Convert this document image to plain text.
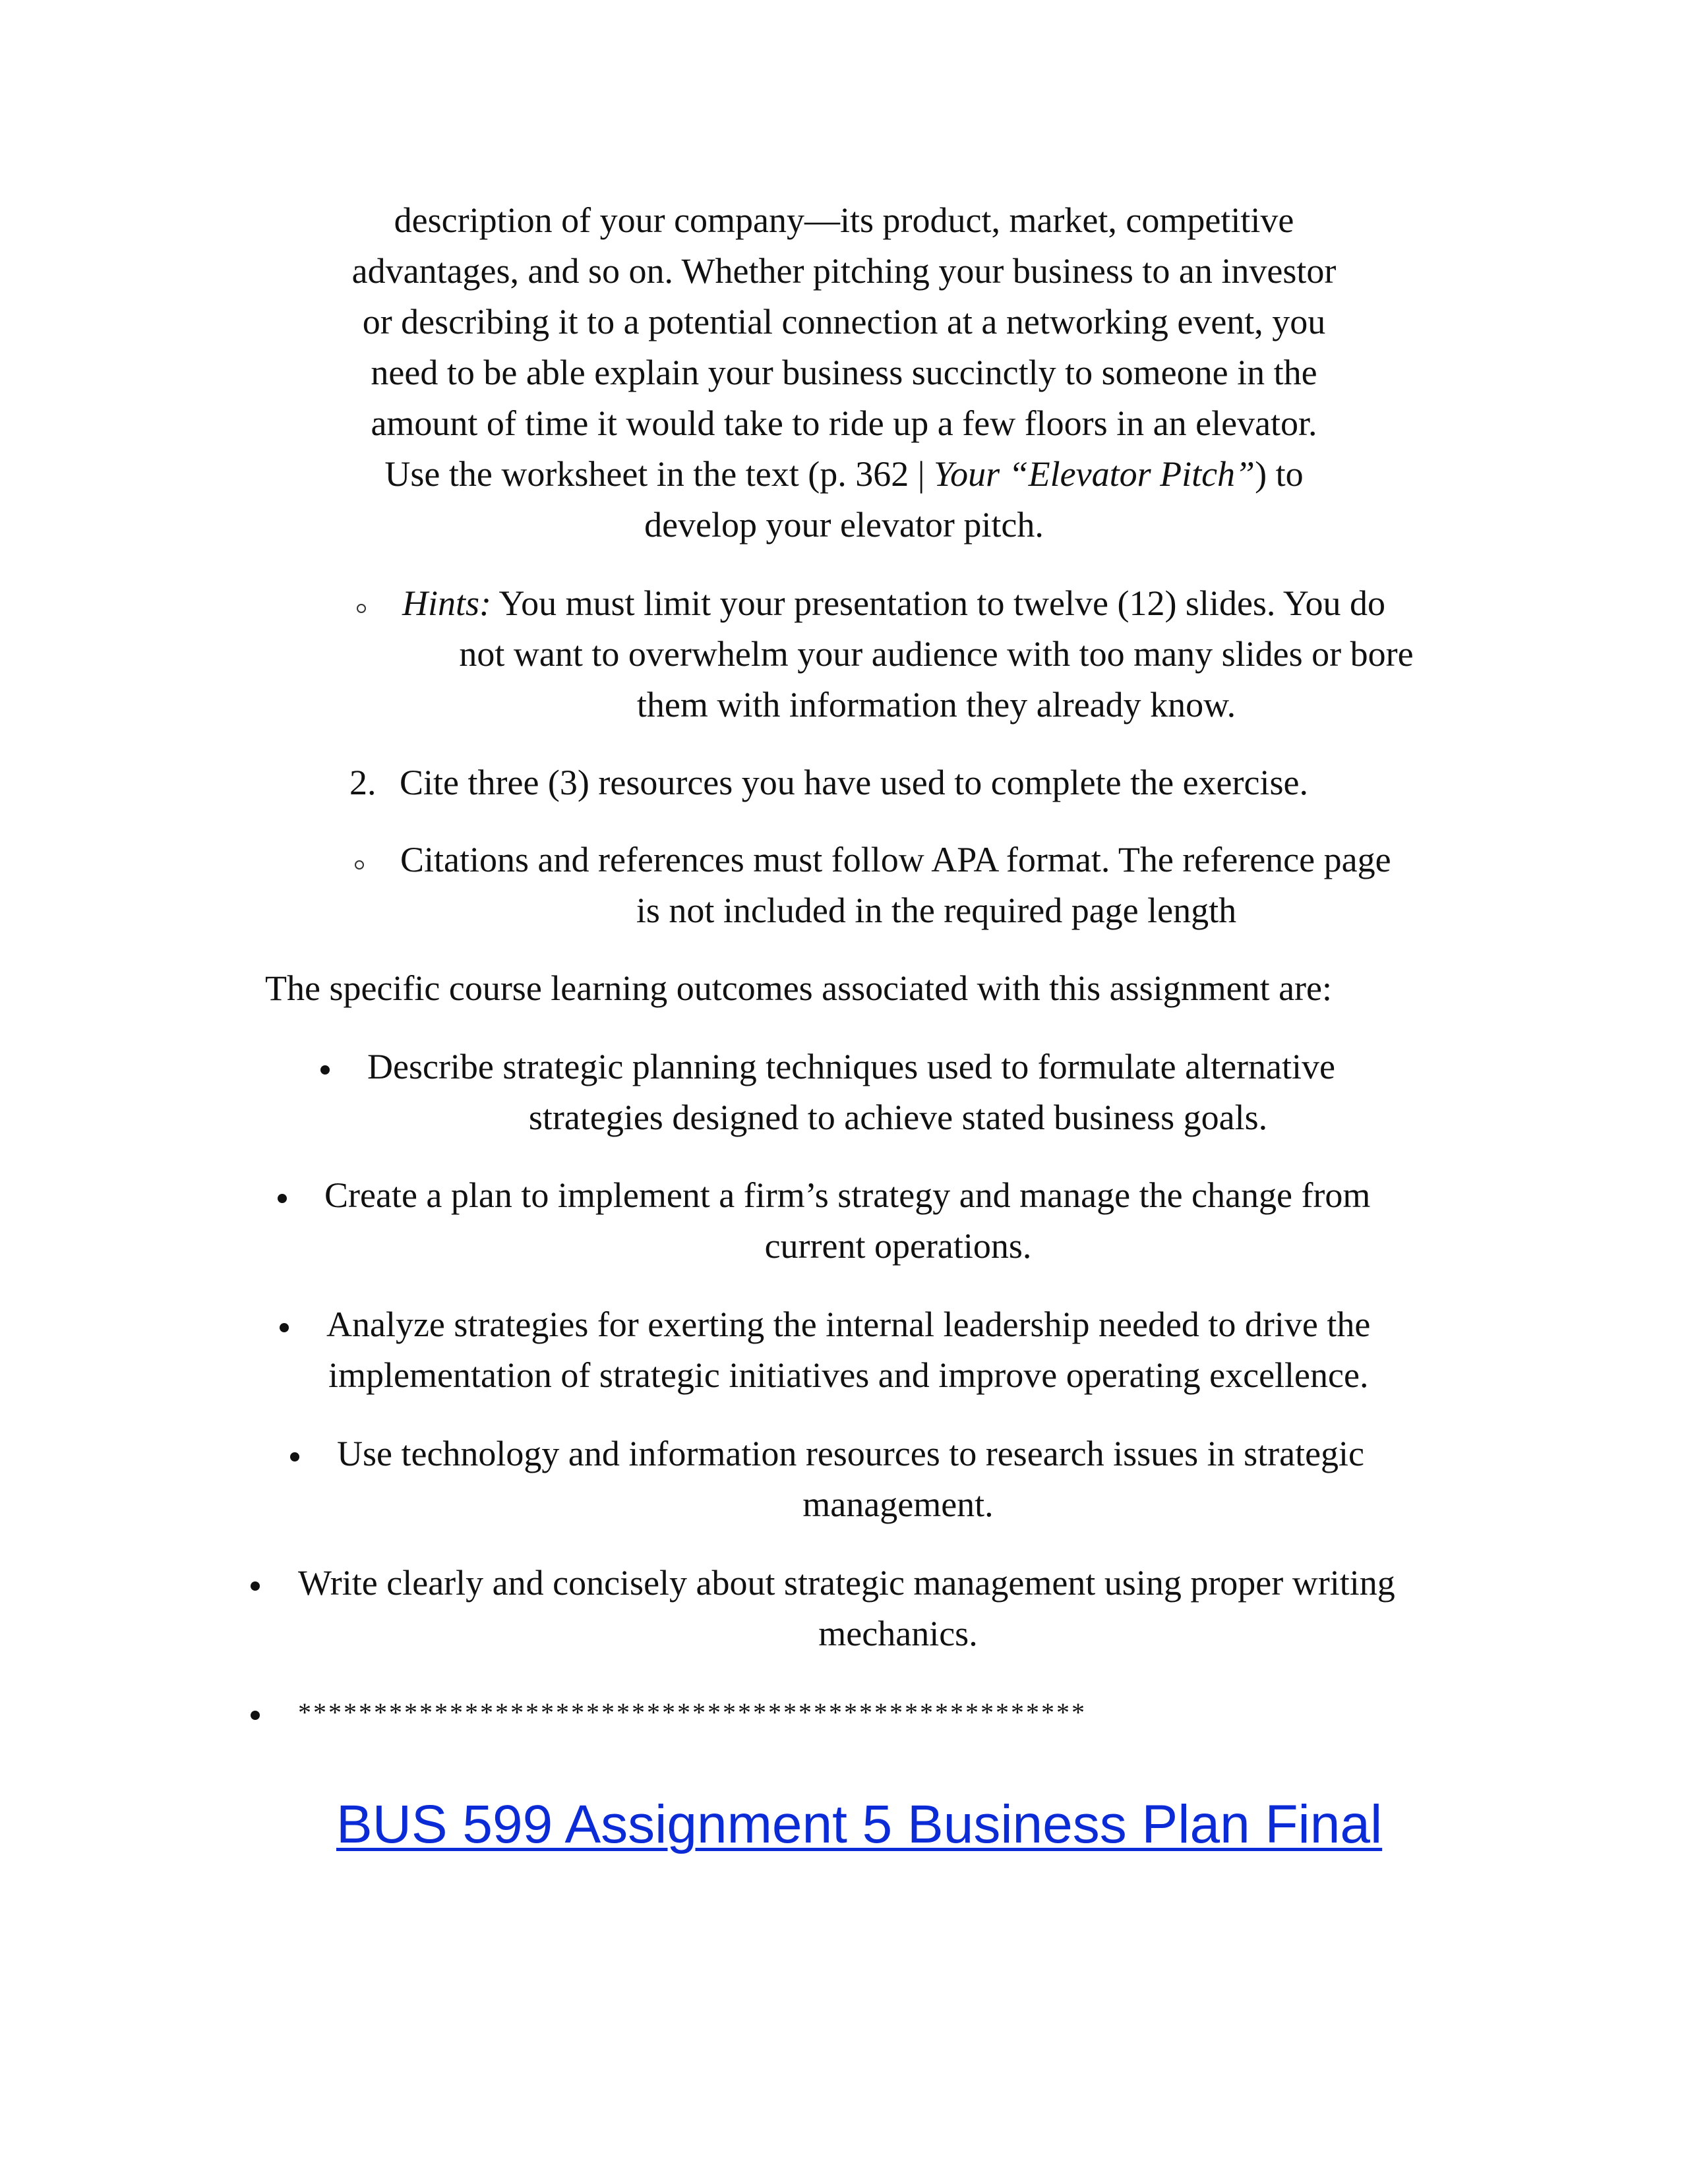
description of your company—its product, market, competitive
advantages, and so on. Whether pitching your business to an investor
or describing it to a potential connection at a networking event, you
need to be able explain your business succinctly to someone in the
amount of time it would take to ride up a few floors in an elevator.
Use the worksheet in the text (p. 362 | Your “Elevator Pitch”) to
develop your elevator pitch.
Hints: You must limit your presentation to twelve (12) slides. You do
not want to overwhelm your audience with too many slides or bore
them with information they already know.
2. Cite three (3) resources you have used to complete the exercise.
Citations and references must follow APA format. The reference page
is not included in the required page length
The specific course learning outcomes associated with this assignment are:
Describe strategic planning techniques used to formulate alternative
strategies designed to achieve stated business goals.
Create a plan to implement a firm’s strategy and manage the change from
current operations.
Analyze strategies for exerting the internal leadership needed to drive the
implementation of strategic initiatives and improve operating excellence.
Use technology and information resources to research issues in strategic
management.
Write clearly and concisely about strategic management using proper writing
mechanics.
****************************************************
BUS 599 Assignment 5 Business Plan Final
